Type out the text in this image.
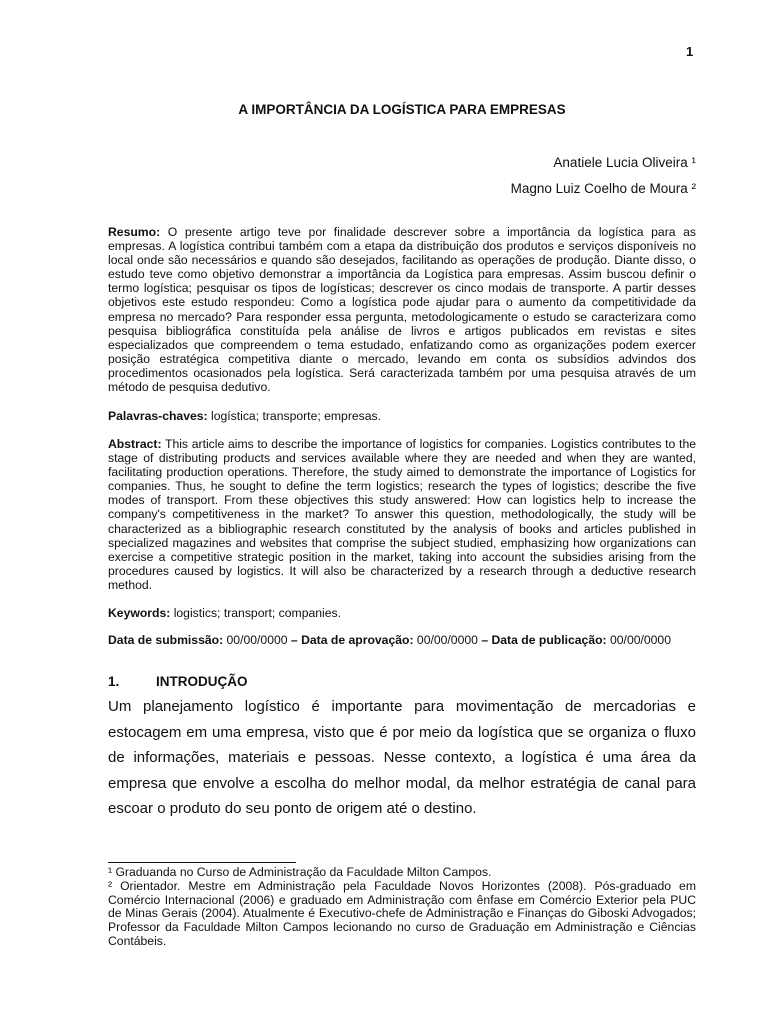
1
A IMPORTÂNCIA DA LOGÍSTICA PARA EMPRESAS
Anatiele Lucia Oliveira ¹
Magno Luiz Coelho de Moura ²

Resumo: O presente artigo teve por finalidade descrever sobre a importância da logística para as empresas. A logística contribui também com a etapa da distribuição dos produtos e serviços disponíveis no local onde são necessários e quando são desejados, facilitando as operações de produção. Diante disso, o estudo teve como objetivo demonstrar a importância da Logística para empresas. Assim buscou definir o termo logística; pesquisar os tipos de logísticas; descrever os cinco modais de transporte. A partir desses objetivos este estudo respondeu: Como a logística pode ajudar para o aumento da competitividade da empresa no mercado? Para responder essa pergunta, metodologicamente o estudo se caracterizara como pesquisa bibliográfica constituída pela análise de livros e artigos publicados em revistas e sites especializados que compreendem o tema estudado, enfatizando como as organizações podem exercer posição estratégica competitiva diante o mercado, levando em conta os subsídios advindos dos procedimentos ocasionados pela logística. Será caracterizada também por uma pesquisa através de um método de pesquisa dedutivo.

Palavras-chaves: logística; transporte; empresas.

Abstract: This article aims to describe the importance of logistics for companies. Logistics contributes to the stage of distributing products and services available where they are needed and when they are wanted, facilitating production operations. Therefore, the study aimed to demonstrate the importance of Logistics for companies. Thus, he sought to define the term logistics; research the types of logistics; describe the five modes of transport. From these objectives this study answered: How can logistics help to increase the company's competitiveness in the market? To answer this question, methodologically, the study will be characterized as a bibliographic research constituted by the analysis of books and articles published in specialized magazines and websites that comprise the subject studied, emphasizing how organizations can exercise a competitive strategic position in the market, taking into account the subsidies arising from the procedures caused by logistics. It will also be characterized by a research through a deductive research method.

Keywords: logistics; transport; companies.

Data de submissão: 00/00/0000 – Data de aprovação: 00/00/0000 – Data de publicação: 00/00/0000
1.	INTRODUÇÃO

Um planejamento logístico é importante para movimentação de mercadorias e estocagem em uma empresa, visto que é por meio da logística que se organiza o fluxo de informações, materiais e pessoas. Nesse contexto, a logística é uma área da empresa que envolve a escolha do melhor modal, da melhor estratégia de canal para escoar o produto do seu ponto de origem até o destino.

¹ Graduanda no Curso de Administração da Faculdade Milton Campos.

² Orientador. Mestre em Administração pela Faculdade Novos Horizontes (2008). Pós-graduado em Comércio Internacional (2006) e graduado em Administração com ênfase em Comércio Exterior pela PUC de Minas Gerais (2004). Atualmente é Executivo-chefe de Administração e Finanças do Giboski Advogados; Professor da Faculdade Milton Campos lecionando no curso de Graduação em Administração e Ciências Contábeis.
